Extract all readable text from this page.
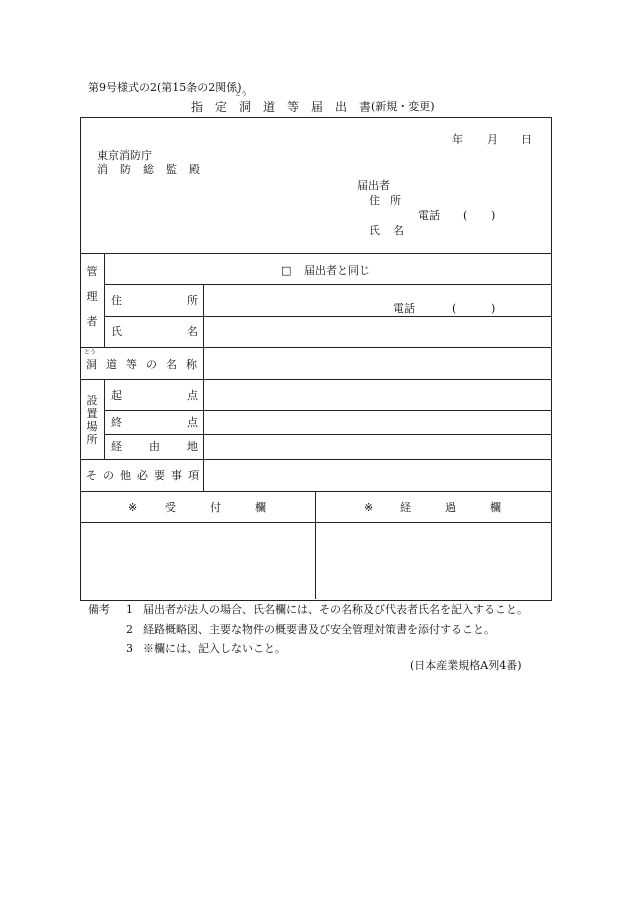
第9号様式の2(第15条の2関係)
とう
指 定 洞 道 等 届 出 書 (新規・変更)
年 月 日
東京消防庁
消 防 総 監 殿
届出者
住 所
電話 ( )
氏 名
管
理
者
□ 届出者と同じ
住	所
電話	(	)
氏	名
とう
洞 道 等 の 名 称
設
置
場
所
起	点
終	点
経 由 地
そ の 他 必 要 事 項
※	受	付	欄	※ 経	過	欄
備考 1 届出者が法人の場合、氏名欄には、その名称及び代表者氏名を記入すること。
2 経路概略図、主要な物件の概要書及び安全管理対策書を添付すること。
3 ※欄には、記入しないこと。
(日本産業規格A列4番)
